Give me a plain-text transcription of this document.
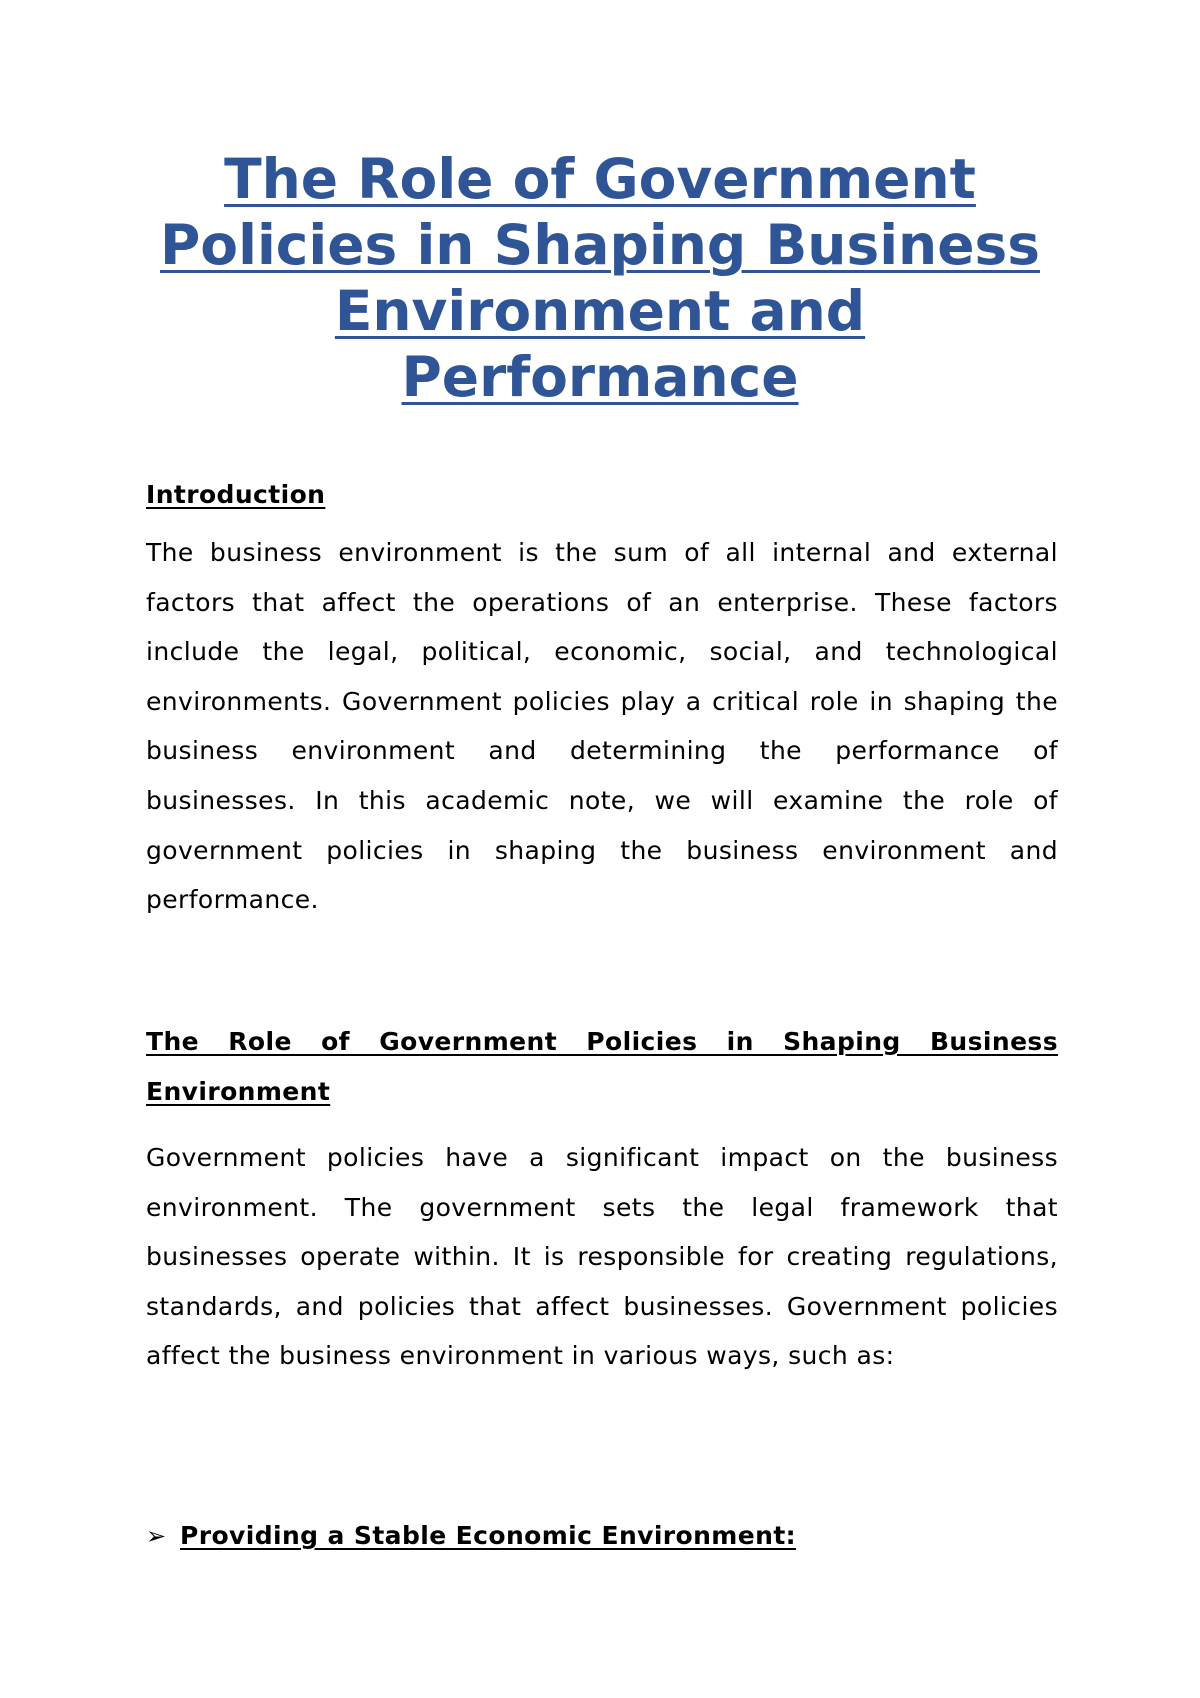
The Role of Government Policies in Shaping Business Environment and Performance
Introduction

The business environment is the sum of all internal and external factors that affect the operations of an enterprise. These factors include the legal, political, economic, social, and technological environments. Government policies play a critical role in shaping the business environment and determining the performance of businesses. In this academic note, we will examine the role of government policies in shaping the business environment and performance.

The Role of Government Policies in Shaping Business Environment

Government policies have a significant impact on the business environment. The government sets the legal framework that businesses operate within. It is responsible for creating regulations, standards, and policies that affect businesses. Government policies affect the business environment in various ways, such as:

➢ Providing a Stable Economic Environment:
